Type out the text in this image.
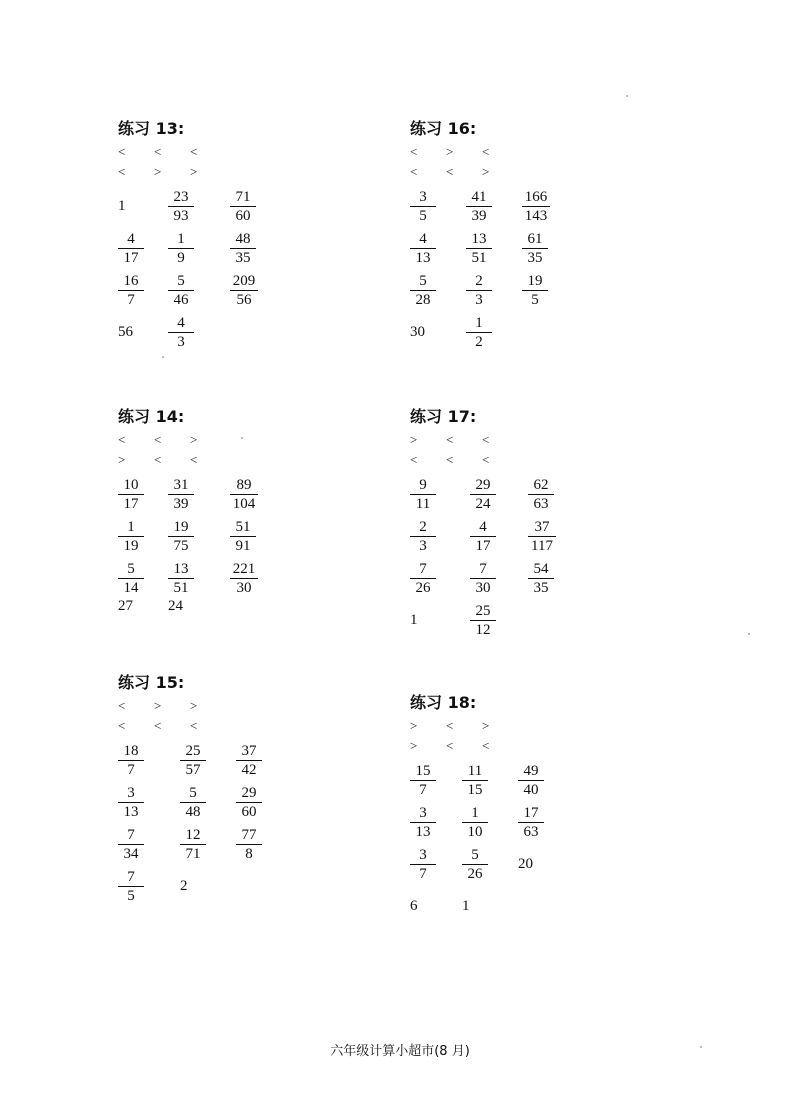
练习 13:
< < <
< > >
1	$\frac{23}{93} \frac{71}{60}$
$\frac{4}{17} \frac{1}{9} \frac{48}{35}$
$\frac{16}{7} \frac{5}{46} \frac{209}{56}$
$56 \frac{4}{3}$
练习 14:
< < >
> < <
$\frac{10}{17} \frac{31}{39} \frac{89}{104}$
$\frac{1}{19} \frac{19}{75} \frac{51}{91}$
$\frac{5}{14} \frac{13}{51} \frac{221}{30}$
27 24
练习 15:
< > >
< < <
$\frac{18}{7} \frac{25}{57} \frac{37}{42}$
$\frac{3}{13} \frac{5}{48} \frac{29}{60}$
$\frac{7}{34} \frac{12}{71} \frac{77}{8}$
$\frac{7}{5} 2$
练习 16:
< > <
< < >
$\frac{3}{5} \frac{41}{39} \frac{166}{143}$
$\frac{4}{13} \frac{13}{51} \frac{61}{35}$
$\frac{5}{28} \frac{2}{3} \frac{19}{5}$
30	$\frac{1}{2}$
练习 17:
> < <
< < <
$\frac{9}{11} \frac{29}{24} \frac{62}{63}$
$\frac{2}{3} \frac{4}{17} \frac{37}{117}$
$\frac{7}{26} \frac{7}{30} \frac{54}{35}$
1	$\frac{25}{12}$
练习 18:
> < >
> < <
$\frac{15}{7} \frac{11}{15} \frac{49}{40}$
$\frac{3}{13} \frac{1}{10} \frac{17}{63}$
$\frac{3}{7} \frac{5}{26} 20$
6	1
六年级计算小超市(8 月)
